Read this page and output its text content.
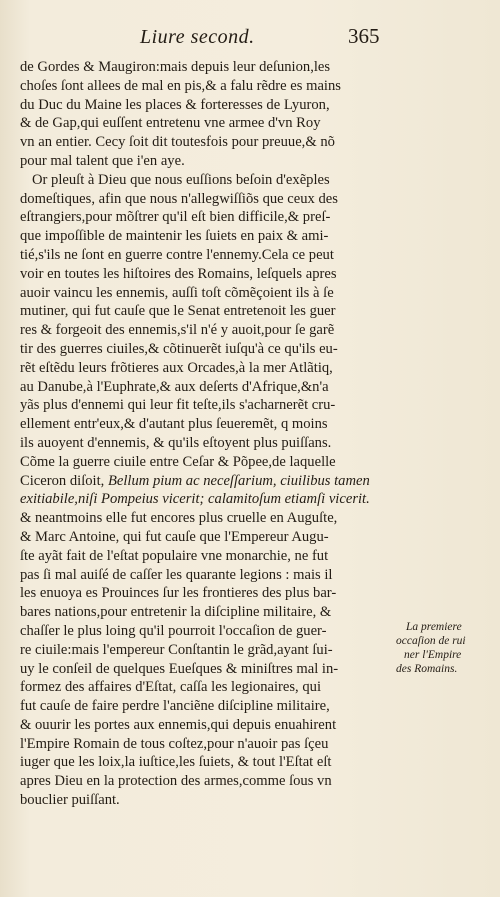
Liure second.	365
de Gordes & Maugiron:mais depuis leur deſunion,les
choſes ſont allees de mal en pis,& a falu rẽdre es mains
du Duc du Maine les places & forteresses de Lyuron,
& de Gap,qui euſſent entretenu vne armee d'vn Roy
vn an entier. Cecy ſoit dit toutesfois pour preuue,& nõ
pour mal talent que i'en aye.
Or pleuſt à Dieu que nous euſſions beſoin d'exẽples
domeſtiques, afin que nous n'allegwiſſiõs que ceux des
eſtrangiers,pour mõſtrer qu'il eſt bien difficile,& preſ-
que impoſſible de maintenir les ſuiets en paix & ami-
tié,s'ils ne ſont en guerre contre l'ennemy.Cela ce peut
voir en toutes les hiſtoires des Romains, leſquels apres
auoir vaincu les ennemis, auſſi toſt cõmẽçoient ils à ſe
mutiner, qui fut cauſe que le Senat entretenoit les guer
res & forgeoit des ennemis,s'il n'é y auoit,pour ſe garẽ
tir des guerres ciuiles,& cõtinuerẽt iuſqu'à ce qu'ils eu-
rẽt eſtẽdu leurs frõtieres aux Orcades,à la mer Atlãtiq,
au Danube,à l'Euphrate,& aux deſerts d'Afrique,&n'a
yãs plus d'ennemi qui leur fit teſte,ils s'acharnerẽt cru-
ellement entr'eux,& d'autant plus ſeueremẽt, q moins
ils auoyent d'ennemis, & qu'ils eſtoyent plus puiſſans.
Cõme la guerre ciuile entre Ceſar & Põpee,de laquelle
Ciceron diſoit, Bellum pium ac neceſſarium, ciuilibus tamen
exitiabile,niſi Pompeius vicerit; calamitoſum etiamſi vicerit.
& neantmoins elle fut encores plus cruelle en Auguſte,
& Marc Antoine, qui fut cauſe que l'Empereur Augu-
ſte ayãt fait de l'eſtat populaire vne monarchie, ne fut
pas ſi mal auiſé de caſſer les quarante legions : mais il
les enuoya es Prouinces ſur les frontieres des plus bar-
bares nations,pour entretenir la diſcipline militaire, &
chaſſer le plus loing qu'il pourroit l'occaſion de guer-
re ciuile:mais l'empereur Conſtantin le grãd,ayant ſui-
uy le conſeil de quelques Eueſques & miniſtres mal in-
formez des affaires d'Eſtat, caſſa les legionaires, qui
fut cauſe de faire perdre l'anciẽne diſcipline militaire,
& ouurir les portes aux ennemis,qui depuis enuahirent
l'Empire Romain de tous coſtez,pour n'auoir pas ſçeu
iuger que les loix,la iuſtice,les ſuiets, & tout l'Eſtat eſt
apres Dieu en la protection des armes,comme ſous vn
bouclier puiſſant.
La premiere
occaſion de rui
ner l'Empire
des Romains.
